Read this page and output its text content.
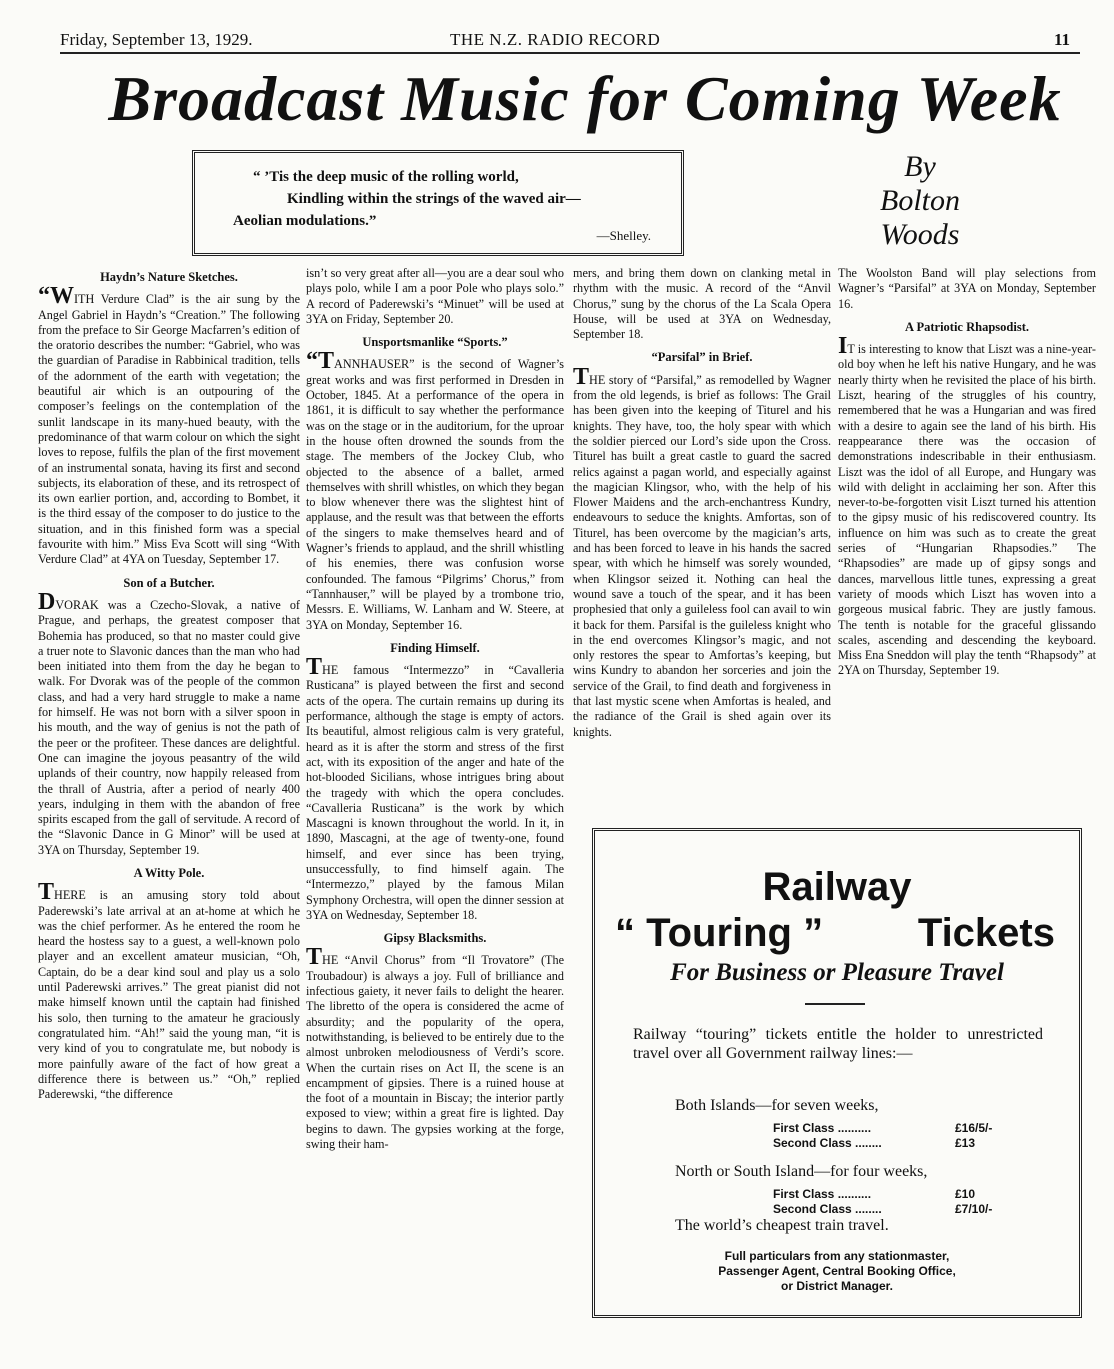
Friday, September 13, 1929.	THE N.Z. RADIO RECORD	11
Broadcast Music for Coming Week
“ ’Tis the deep music of the rolling world,
Kindling within the strings of the waved air—
Aeolian modulations.”
—Shelley.
By
Bolton
Woods
Haydn’s Nature Sketches.

“WITH Verdure Clad” is the air sung by the Angel Gabriel in Haydn’s “Creation.” The following from the preface to Sir George Macfarren’s edition of the oratorio describes the number: “Gabriel, who was the guardian of Paradise in Rabbinical tradition, tells of the adornment of the earth with vegetation; the beautiful air which is an outpouring of the composer’s feelings on the contemplation of the sunlit landscape in its many-hued beauty, with the predominance of that warm colour on which the sight loves to repose, fulfils the plan of the first movement of an instrumental sonata, having its first and second subjects, its elaboration of these, and its retrospect of its own earlier portion, and, according to Bombet, it is the third essay of the composer to do justice to the situation, and in this finished form was a special favourite with him.” Miss Eva Scott will sing “With Verdure Clad” at 4YA on Tuesday, September 17.

Son of a Butcher.

DVORAK was a Czecho-Slovak, a native of Prague, and perhaps, the greatest composer that Bohemia has produced, so that no master could give a truer note to Slavonic dances than the man who had been initiated into them from the day he began to walk. For Dvorak was of the people of the common class, and had a very hard struggle to make a name for himself. He was not born with a silver spoon in his mouth, and the way of genius is not the path of the peer or the profiteer. These dances are delightful. One can imagine the joyous peasantry of the wild uplands of their country, now happily released from the thrall of Austria, after a period of nearly 400 years, indulging in them with the abandon of free spirits escaped from the gall of servitude. A record of the “Slavonic Dance in G Minor” will be used at 3YA on Thursday, September 19.

A Witty Pole.

THERE is an amusing story told about Paderewski’s late arrival at an at-home at which he was the chief performer. As he entered the room he heard the hostess say to a guest, a well-known polo player and an excellent amateur musician, “Oh, Captain, do be a dear kind soul and play us a solo until Paderewski arrives.” The great pianist did not make himself known until the captain had finished his solo, then turning to the amateur he graciously congratulated him. “Ah!” said the young man, “it is very kind of you to congratulate me, but nobody is more painfully aware of the fact of how great a difference there is between us.” “Oh,” replied Paderewski, “the difference

isn’t so very great after all—you are a dear soul who plays polo, while I am a poor Pole who plays solo.” A record of Paderewski’s “Minuet” will be used at 3YA on Friday, September 20.

Unsportsmanlike “Sports.”

“TANNHAUSER” is the second of Wagner’s great works and was first performed in Dresden in October, 1845. At a performance of the opera in 1861, it is difficult to say whether the performance was on the stage or in the auditorium, for the uproar in the house often drowned the sounds from the stage. The members of the Jockey Club, who objected to the absence of a ballet, armed themselves with shrill whistles, on which they began to blow whenever there was the slightest hint of applause, and the result was that between the efforts of the singers to make themselves heard and of Wagner’s friends to applaud, and the shrill whistling of his enemies, there was confusion worse confounded. The famous “Pilgrims’ Chorus,” from “Tannhauser,” will be played by a trombone trio, Messrs. E. Williams, W. Lanham and W. Steere, at 3YA on Monday, September 16.

Finding Himself.

THE famous “Intermezzo” in “Cavalleria Rusticana” is played between the first and second acts of the opera. The curtain remains up during its performance, although the stage is empty of actors. Its beautiful, almost religious calm is very grateful, heard as it is after the storm and stress of the first act, with its exposition of the anger and hate of the hot-blooded Sicilians, whose intrigues bring about the tragedy with which the opera concludes. “Cavalleria Rusticana” is the work by which Mascagni is known throughout the world. In it, in 1890, Mascagni, at the age of twenty-one, found himself, and ever since has been trying, unsuccessfully, to find himself again. The “Intermezzo,” played by the famous Milan Symphony Orchestra, will open the dinner session at 3YA on Wednesday, September 18.

Gipsy Blacksmiths.

THE “Anvil Chorus” from “Il Trovatore” (The Troubadour) is always a joy. Full of brilliance and infectious gaiety, it never fails to delight the hearer. The libretto of the opera is considered the acme of absurdity; and the popularity of the opera, notwithstanding, is believed to be entirely due to the almost unbroken melodiousness of Verdi’s score. When the curtain rises on Act II, the scene is an encampment of gipsies. There is a ruined house at the foot of a mountain in Biscay; the interior partly exposed to view; within a great fire is lighted. Day begins to dawn. The gypsies working at the forge, swing their ham-

mers, and bring them down on clanking metal in rhythm with the music. A record of the “Anvil Chorus,” sung by the chorus of the La Scala Opera House, will be used at 3YA on Wednesday, September 18.

“Parsifal” in Brief.

THE story of “Parsifal,” as remodelled by Wagner from the old legends, is brief as follows: The Grail has been given into the keeping of Titurel and his knights. They have, too, the holy spear with which the soldier pierced our Lord’s side upon the Cross. Titurel has built a great castle to guard the sacred relics against a pagan world, and especially against the magician Klingsor, who, with the help of his Flower Maidens and the arch-enchantress Kundry, endeavours to seduce the knights. Amfortas, son of Titurel, has been overcome by the magician’s arts, and has been forced to leave in his hands the sacred spear, with which he himself was sorely wounded, when Klingsor seized it. Nothing can heal the wound save a touch of the spear, and it has been prophesied that only a guileless fool can avail to win it back for them. Parsifal is the guileless knight who in the end overcomes Klingsor’s magic, and not only restores the spear to Amfortas’s keeping, but wins Kundry to abandon her sorceries and join the service of the Grail, to find death and forgiveness in that last mystic scene when Amfortas is healed, and the radiance of the Grail is shed again over its knights.

The Woolston Band will play selections from Wagner’s “Parsifal” at 3YA on Monday, September 16.

A Patriotic Rhapsodist.

IT is interesting to know that Liszt was a nine-year-old boy when he left his native Hungary, and he was nearly thirty when he revisited the place of his birth. Liszt, hearing of the struggles of his country, remembered that he was a Hungarian and was fired with a desire to again see the land of his birth. His reappearance there was the occasion of demonstrations indescribable in their enthusiasm. Liszt was the idol of all Europe, and Hungary was wild with delight in acclaiming her son. After this never-to-be-forgotten visit Liszt turned his attention to the gipsy music of his rediscovered country. Its influence on him was such as to create the great series of “Hungarian Rhapsodies.” The “Rhapsodies” are made up of gipsy songs and dances, marvellous little tunes, expressing a great variety of moods which Liszt has woven into a gorgeous musical fabric. They are justly famous. The tenth is notable for the graceful glissando scales, ascending and descending the keyboard. Miss Ena Sneddon will play the tenth “Rhapsody” at 2YA on Thursday, September 19.

Railway
“ Touring ” Tickets
For Business or Pleasure Travel
Railway “touring” tickets entitle the holder to unrestricted travel over all Government railway lines:—
Both Islands—for seven weeks,
First Class ..........	£16/5/-
Second Class ........	£13
North or South Island—for four weeks,
First Class ..........	£10
Second Class ........	£7/10/-
The world’s cheapest train travel.
Full particulars from any stationmaster,
Passenger Agent, Central Booking Office,
or District Manager.
